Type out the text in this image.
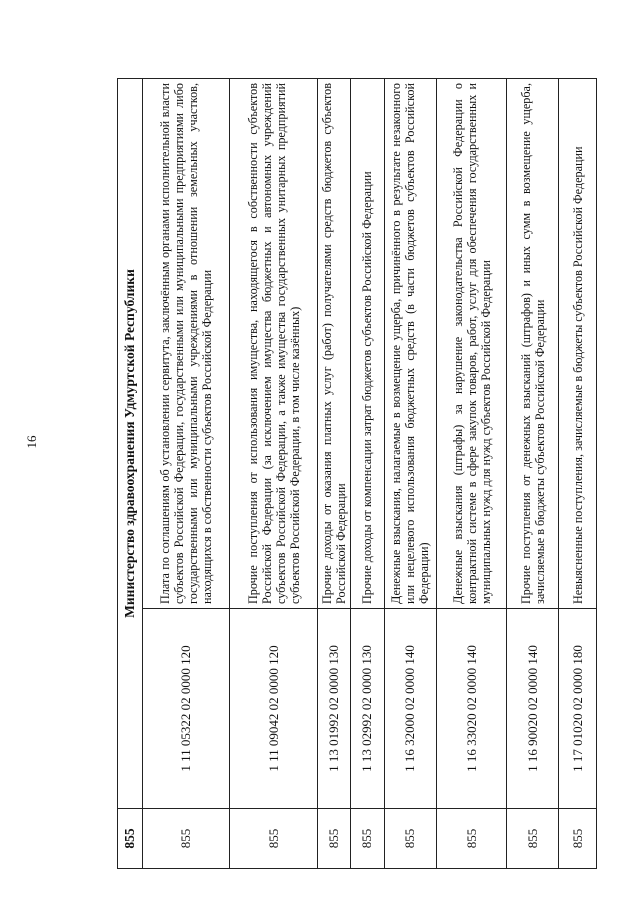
16
855	Министерство здравоохранения Удмуртской Республики	
855	1 11 05322 02 0000 120	Плата по соглашениям об установлении сервитута, заключённым органами исполнительной власти субъектов Российской Федерации, государственными или муниципальными предприятиями либо государственными или муниципальными учреждениями в отношении земельных участков, находящихся в собственности субъектов Российской Федерации
855	1 11 09042 02 0000 120	Прочие поступления от использования имущества, находящегося в собственности субъектов Российской Федерации (за исключением имущества бюджетных и автономных учреждений субъектов Российской Федерации, а также имущества государственных унитарных предприятий субъектов Российской Федерации, в том числе казённых)
855	1 13 01992 02 0000 130	Прочие доходы от оказания платных услуг (работ) получателями средств бюджетов субъектов Российской Федерации
855	1 13 02992 02 0000 130	Прочие доходы от компенсации затрат бюджетов субъектов Российской Федерации
855	1 16 32000 02 0000 140	Денежные взыскания, налагаемые в возмещение ущерба, причинённого в результате незаконного или нецелевого использования бюджетных средств (в части бюджетов субъектов Российской Федерации)
855	1 16 33020 02 0000 140	Денежные взыскания (штрафы) за нарушение законодательства Российской Федерации о контрактной системе в сфере закупок товаров, работ, услуг для обеспечения государственных и муниципальных нужд для нужд субъектов Российской Федерации
855	1 16 90020 02 0000 140	Прочие поступления от денежных взысканий (штрафов) и иных сумм в возмещение ущерба, зачисляемые в бюджеты субъектов Российской Федерации
855	1 17 01020 02 0000 180	Невыясненные поступления, зачисляемые в бюджеты субъектов Российской Федерации
